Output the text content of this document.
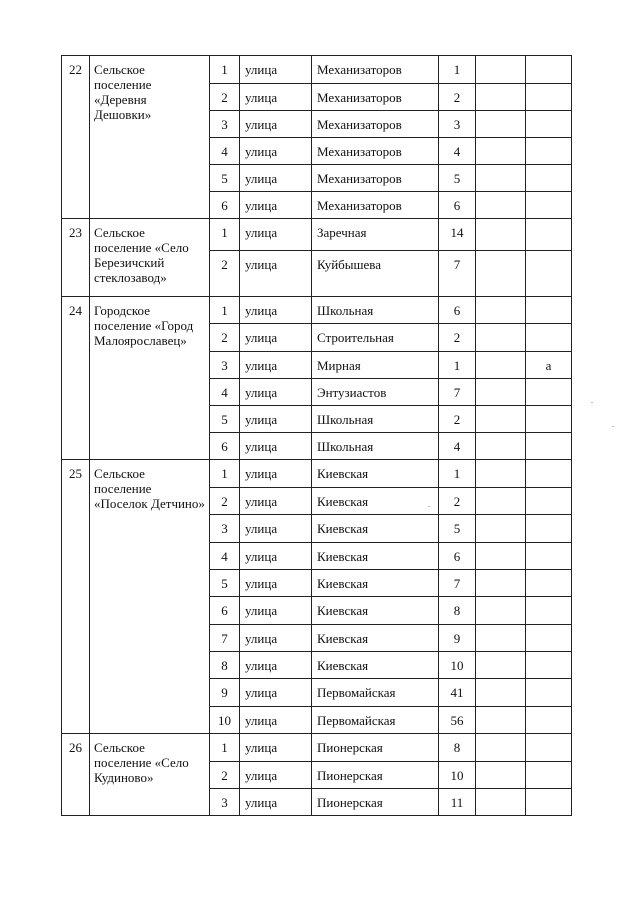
22	Сельское поселение «Деревня Дешовки»	1	улица	Механизаторов	1		
		2	улица	Механизаторов	2		
		3	улица	Механизаторов	3		
		4	улица	Механизаторов	4		
		5	улица	Механизаторов	5		
		6	улица	Механизаторов	6		
23	Сельское поселение «Село Березичский стеклозавод»	1	улица	Заречная	14		
		2	улица	Куйбышева	7		
24	Городское поселение «Город Малоярославец»	1	улица	Школьная	6		
		2	улица	Строительная	2		
		3	улица	Мирная	1		а
		4	улица	Энтузиастов	7		
		5	улица	Школьная	2		
		6	улица	Школьная	4		
25	Сельское поселение «Поселок Детчино»	1	улица	Киевская	1		
		2	улица	Киевская	2		
		3	улица	Киевская	5		
		4	улица	Киевская	6		
		5	улица	Киевская	7		
		6	улица	Киевская	8		
		7	улица	Киевская	9		
		8	улица	Киевская	10		
		9	улица	Первомайская	41		
		10	улица	Первомайская	56		
26	Сельское поселение «Село Кудиново»	1	улица	Пионерская	8		
		2	улица	Пионерская	10		
		3	улица	Пионерская	11		
